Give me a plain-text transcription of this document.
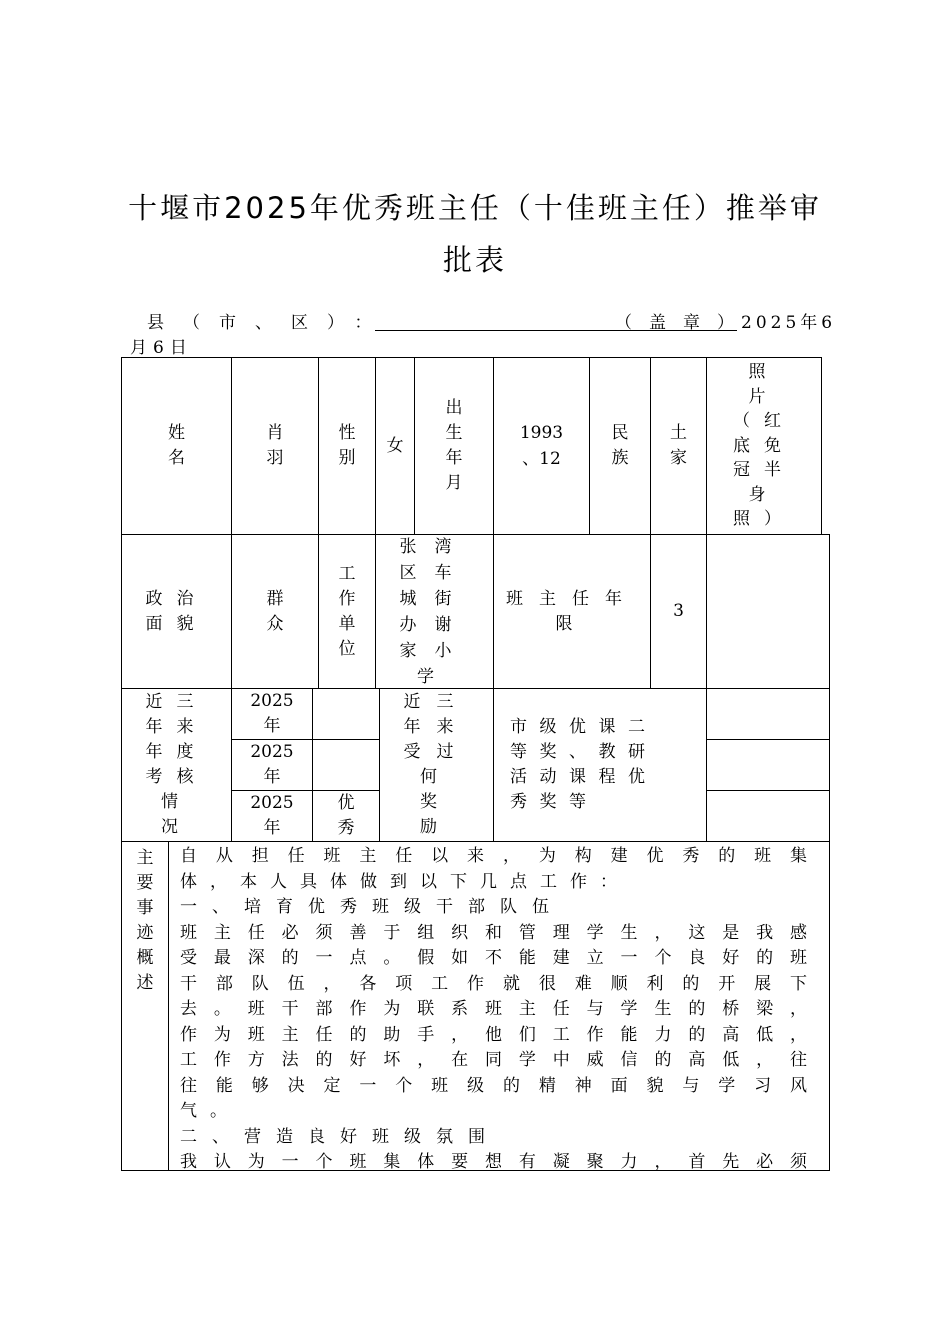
十堰市2025年优秀班主任（十佳班主任）推举审
批表
县（市、区）：	（盖章）
2025年6
月6日
姓
名
肖
羽
性
别
女
出
生
年
月
1993
、12
民
族
土
家
照
片
（红
底免
冠半
身
照）
政治
面貌
群
众
工
作
单
位
张湾
区车
城街
办谢
家小
学
班主任年
限
3
近三
年来
年度
考核
情
况
2025
年
2025
年
2025
年
优
秀
近三
年来
受过
何
奖
励
市级优课二
等奖、教研
活动课程优
秀奖等
主
要
事
迹
概
述
自从担任班主任以来，为构建优秀的班集
体，本人具体做到以下几点工作：
一、培育优秀班级干部队伍
班主任必须善于组织和管理学生，这是我感
受最深的一点。假如不能建立一个良好的班
干部队伍，各项工作就很难顺利的开展下
去。班干部作为联系班主任与学生的桥梁，
作为班主任的助手，他们工作能力的高低，
工作方法的好坏，在同学中威信的高低，往
往能够决定一个班级的精神面貌与学习风
气。
二、营造良好班级氛围
我认为一个班集体要想有凝聚力，首先必须
